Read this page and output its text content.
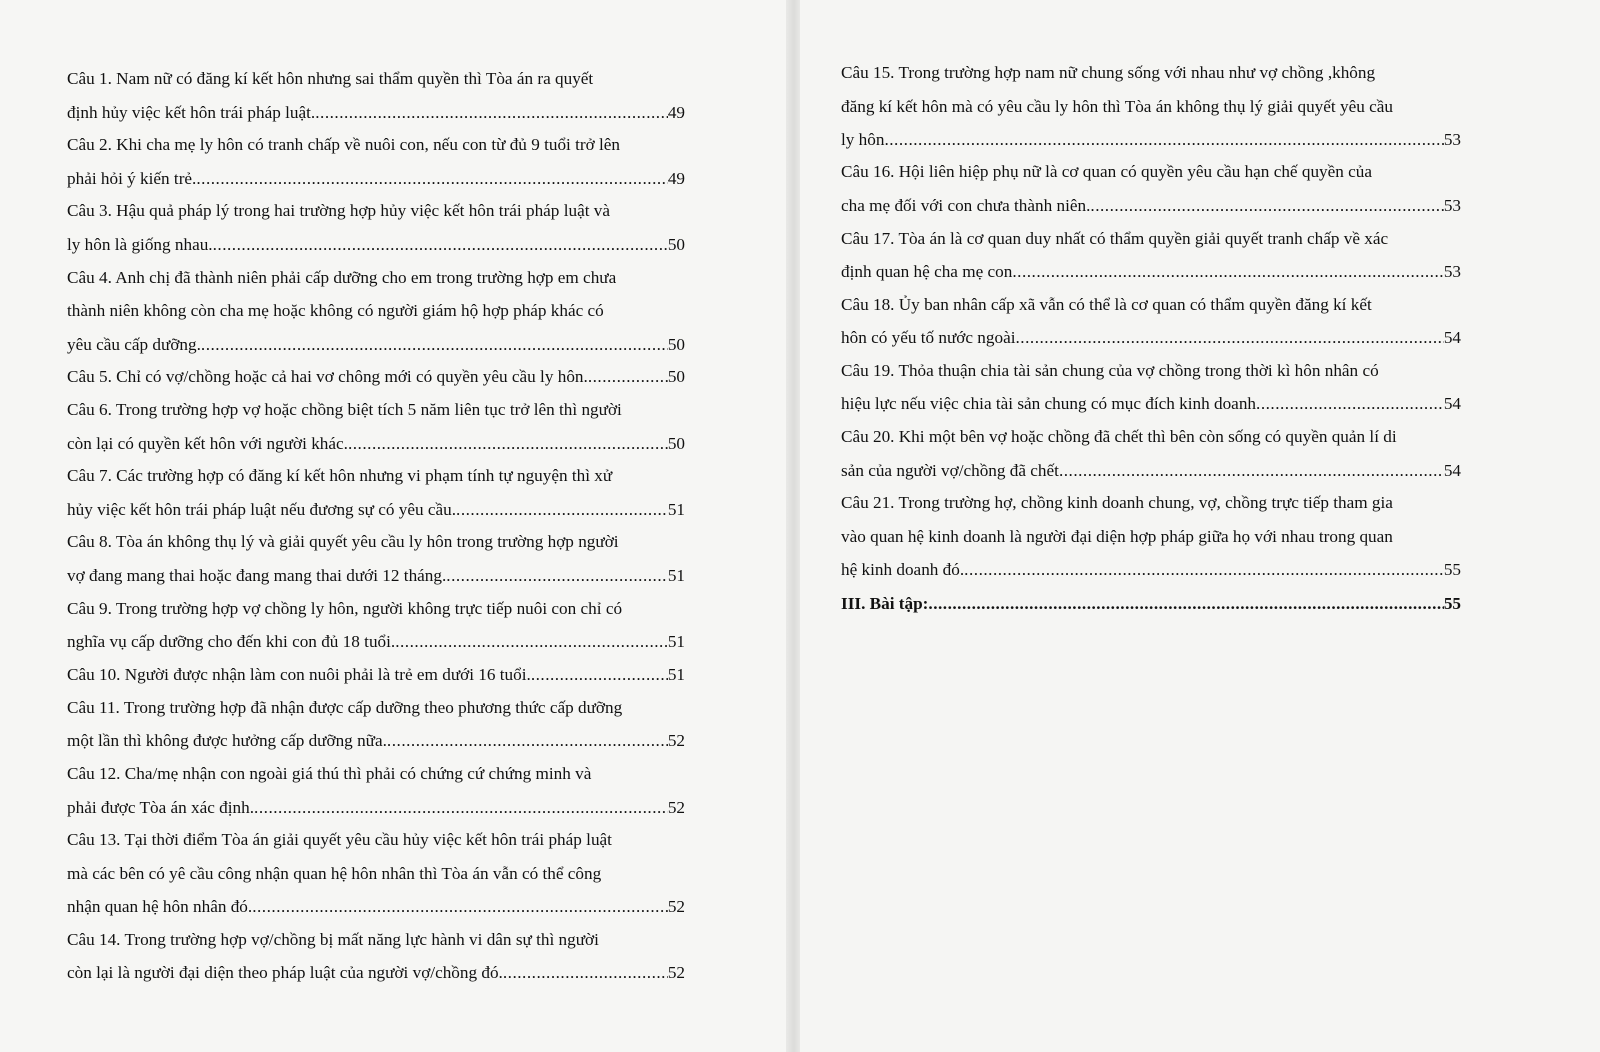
Câu 1. Nam nữ có đăng kí kết hôn nhưng sai thẩm quyền thì Tòa án ra quyết
định hủy việc kết hôn trái pháp luật. .....	49
Câu 2. Khi cha mẹ ly hôn có tranh chấp về nuôi con, nếu con từ đủ 9 tuổi trở lên
phải hỏi ý kiến trẻ. .....	49
Câu 3. Hậu quả pháp lý trong hai trường hợp hủy việc kết hôn trái pháp luật và
ly hôn là giống nhau. .....	50
Câu 4. Anh chị đã thành niên phải cấp dưỡng cho em trong trường hợp em chưa
thành niên không còn cha mẹ hoặc không có người giám hộ hợp pháp khác có
yêu cầu cấp dưỡng. .....	50
Câu 5. Chỉ có vợ/chồng hoặc cả hai vơ chông mới có quyền yêu cầu ly hôn. .....	50
Câu 6. Trong trường hợp vợ hoặc chồng biệt tích 5 năm liên tục trở lên thì người
còn lại có quyền kết hôn với người khác. .....	50
Câu 7. Các trường hợp có đăng kí kết hôn nhưng vi phạm tính tự nguyện thì xử
hủy việc kết hôn trái pháp luật nếu đương sự có yêu cầu. .....	51
Câu 8. Tòa án không thụ lý và giải quyết yêu cầu ly hôn trong trường hợp người
vợ đang mang thai hoặc đang mang thai dưới 12 tháng. .....	51
Câu 9. Trong trường hợp vợ chồng ly hôn, người không trực tiếp nuôi con chỉ có
nghĩa vụ cấp dưỡng cho đến khi con đủ 18 tuổi. .....	51
Câu 10. Người được nhận làm con nuôi phải là trẻ em dưới 16 tuổi. .....	51
Câu 11. Trong trường hợp đã nhận được cấp dưỡng theo phương thức cấp dưỡng
một lần thì không được hưởng cấp dưỡng nữa. .....	52
Câu 12. Cha/mẹ nhận con ngoài giá thú thì phải có chứng cứ chứng minh và
phải được Tòa án xác định. .....	52
Câu 13. Tại thời điểm Tòa án giải quyết yêu cầu hủy việc kết hôn trái pháp luật
mà các bên có yê cầu công nhận quan hệ hôn nhân thì Tòa án vẫn có thể công
nhận quan hệ hôn nhân đó. .....	52
Câu 14. Trong trường hợp vợ/chồng bị mất năng lực hành vi dân sự thì người
còn lại là người đại diện theo pháp luật của người vợ/chồng đó. .....	52
Câu 15. Trong trường hợp nam nữ chung sống với nhau như vợ chồng ,không
đăng kí kết hôn mà có yêu cầu ly hôn thì Tòa án không thụ lý giải quyết yêu cầu
ly hôn .....	53
Câu 16. Hội liên hiệp phụ nữ là cơ quan có quyền yêu cầu hạn chế quyền của
cha mẹ đối với con chưa thành niên. .....	53
Câu 17. Tòa án là cơ quan duy nhất có thẩm quyền giải quyết tranh chấp về xác
định quan hệ cha mẹ con .....	53
Câu 18. Ủy ban nhân cấp xã vẫn có thể là cơ quan có thẩm quyền đăng kí kết
hôn có yếu tố nước ngoài .....	54
Câu 19. Thỏa thuận chia tài sản chung của vợ chồng trong thời kì hôn nhân có
hiệu lực nếu việc chia tài sản chung có mục đích kinh doanh .....	54
Câu 20. Khi một bên vợ hoặc chồng đã chết thì bên còn sống có quyền quản lí di
sản của người vợ/chồng đã chết .....	54
Câu 21. Trong trường hợ, chồng kinh doanh chung, vợ, chồng trực tiếp tham gia
vào quan hệ kinh doanh là người đại diện hợp pháp giữa họ với nhau trong quan
hệ kinh doanh đó. .....	55
III. Bài tập: .....	55
